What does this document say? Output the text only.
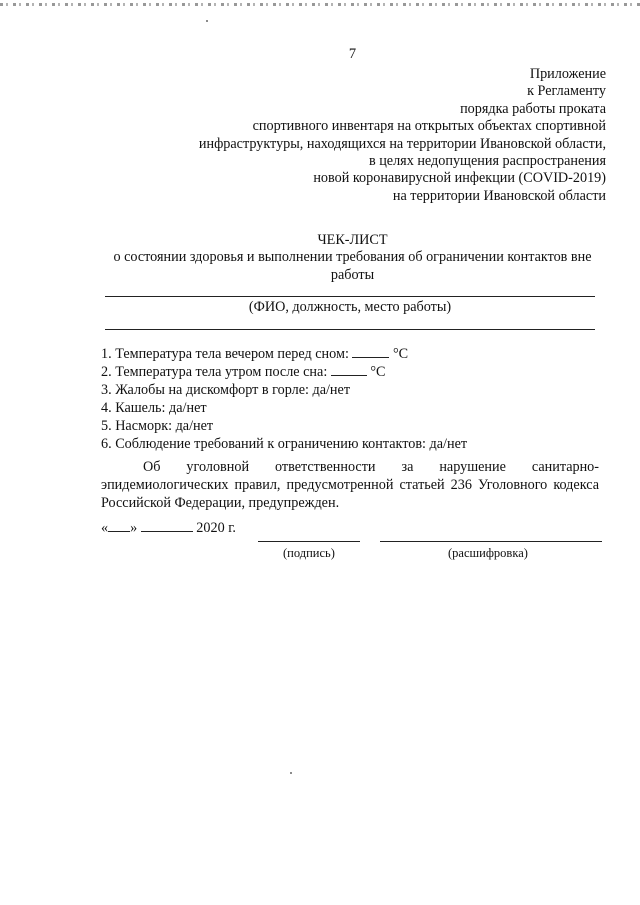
7
Приложение
к Регламенту
порядка работы проката
спортивного инвентаря на открытых объектах спортивной
инфраструктуры, находящихся на территории Ивановской области,
в целях недопущения распространения
новой коронавирусной инфекции (COVID-2019)
на территории Ивановской области
ЧЕК-ЛИСТ
о состоянии здоровья и выполнении требования об ограничении контактов вне работы
(ФИО, должность, место работы)
1. Температура тела вечером перед сном:	°С
2. Температура тела утром после сна:	°С
3. Жалобы на дискомфорт в горле: да/нет
4. Кашель: да/нет
5. Насморк: да/нет
6. Соблюдение требований к ограничению контактов: да/нет
Об уголовной ответственности за нарушение санитарно-эпидемиологических правил, предусмотренной статьей 236 Уголовного кодекса Российской Федерации, предупрежден.
« »	2020 г.
(подпись)	(расшифровка)
